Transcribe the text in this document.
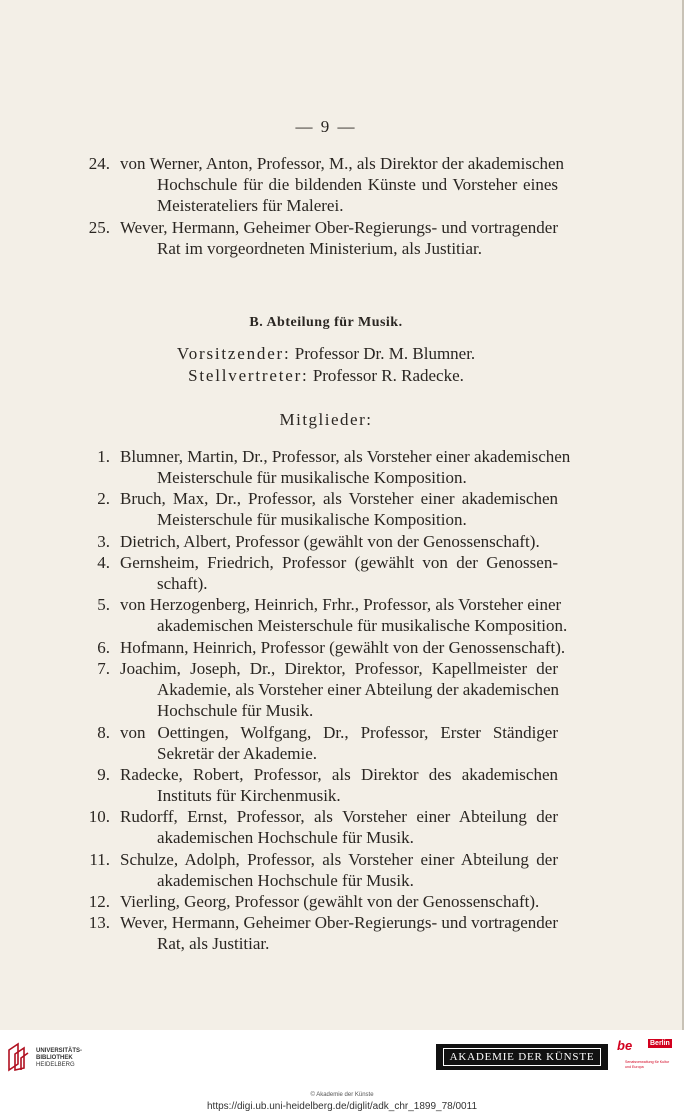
— 9 —
24. von Werner, Anton, Professor, M., als Direktor der akademischen
Hochschule für die bildenden Künste und Vorsteher eines
Meisterateliers für Malerei.
25. Wever, Hermann, Geheimer Ober-Regierungs- und vortragender
Rat im vorgeordneten Ministerium, als Justitiar.
B. Abteilung für Musik.
Vorsitzender: Professor Dr. M. Blumner.
Stellvertreter: Professor R. Radecke.
Mitglieder:
1. Blumner, Martin, Dr., Professor, als Vorsteher einer akademischen
Meisterschule für musikalische Komposition.
2. Bruch, Max, Dr., Professor, als Vorsteher einer akademischen
Meisterschule für musikalische Komposition.
3. Dietrich, Albert, Professor (gewählt von der Genossenschaft).
4. Gernsheim, Friedrich, Professor (gewählt von der Genossen-
schaft).
5. von Herzogenberg, Heinrich, Frhr., Professor, als Vorsteher einer
akademischen Meisterschule für musikalische Komposition.
6. Hofmann, Heinrich, Professor (gewählt von der Genossenschaft).
7. Joachim, Joseph, Dr., Direktor, Professor, Kapellmeister der
Akademie, als Vorsteher einer Abteilung der akademischen
Hochschule für Musik.
8. von Oettingen, Wolfgang, Dr., Professor, Erster Ständiger
Sekretär der Akademie.
9. Radecke, Robert, Professor, als Direktor des akademischen
Instituts für Kirchenmusik.
10. Rudorff, Ernst, Professor, als Vorsteher einer Abteilung der
akademischen Hochschule für Musik.
11. Schulze, Adolph, Professor, als Vorsteher einer Abteilung der
akademischen Hochschule für Musik.
12. Vierling, Georg, Professor (gewählt von der Genossenschaft).
13. Wever, Hermann, Geheimer Ober-Regierungs- und vortragender
Rat, als Justitiar.
UNIVERSITÄTS-
BIBLIOTHEK
HEIDELBERG
AKADEMIE DER KÜNSTE
be	Berlin
Senatsverwaltung für Kultur und Europa
© Akademie der Künste
https://digi.ub.uni-heidelberg.de/diglit/adk_chr_1899_78/0011
